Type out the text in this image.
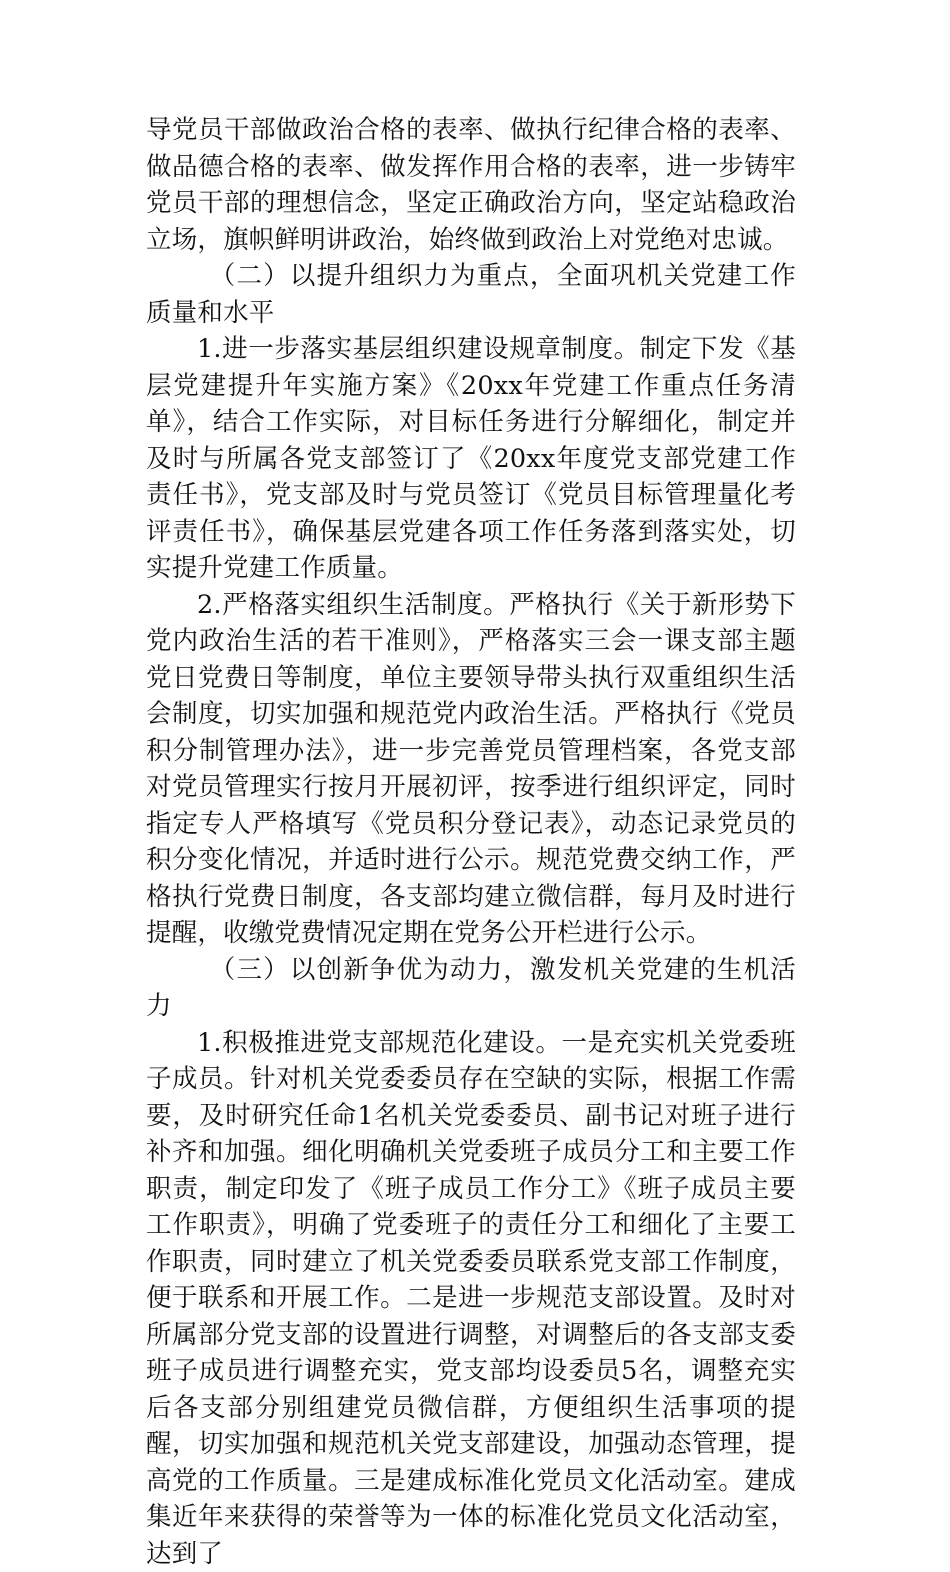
导党员干部做政治合格的表率、做执行纪律合格的表率、做品德合格的表率、做发挥作用合格的表率，进一步铸牢党员干部的理想信念，坚定正确政治方向，坚定站稳政治立场，旗帜鲜明讲政治，始终做到政治上对党绝对忠诚。

（二）以提升组织力为重点，全面巩机关党建工作质量和水平

1.进一步落实基层组织建设规章制度。制定下发《基层党建提升年实施方案》《20xx年党建工作重点任务清单》，结合工作实际，对目标任务进行分解细化，制定并及时与所属各党支部签订了《20xx年度党支部党建工作责任书》，党支部及时与党员签订《党员目标管理量化考评责任书》，确保基层党建各项工作任务落到落实处，切实提升党建工作质量。

2.严格落实组织生活制度。严格执行《关于新形势下党内政治生活的若干准则》，严格落实三会一课支部主题党日党费日等制度，单位主要领导带头执行双重组织生活会制度，切实加强和规范党内政治生活。严格执行《党员积分制管理办法》，进一步完善党员管理档案，各党支部对党员管理实行按月开展初评，按季进行组织评定，同时指定专人严格填写《党员积分登记表》，动态记录党员的积分变化情况，并适时进行公示。规范党费交纳工作，严格执行党费日制度，各支部均建立微信群，每月及时进行提醒，收缴党费情况定期在党务公开栏进行公示。

（三）以创新争优为动力，激发机关党建的生机活力

1.积极推进党支部规范化建设。一是充实机关党委班子成员。针对机关党委委员存在空缺的实际，根据工作需要，及时研究任命1名机关党委委员、副书记对班子进行补齐和加强。细化明确机关党委班子成员分工和主要工作职责，制定印发了《班子成员工作分工》《班子成员主要工作职责》，明确了党委班子的责任分工和细化了主要工作职责，同时建立了机关党委委员联系党支部工作制度，便于联系和开展工作。二是进一步规范支部设置。及时对所属部分党支部的设置进行调整，对调整后的各支部支委班子成员进行调整充实，党支部均设委员5名，调整充实后各支部分别组建党员微信群，方便组织生活事项的提醒，切实加强和规范机关党支部建设，加强动态管理，提高党的工作质量。三是建成标准化党员文化活动室。建成集近年来获得的荣誉等为一体的标准化党员文化活动室，达到了
